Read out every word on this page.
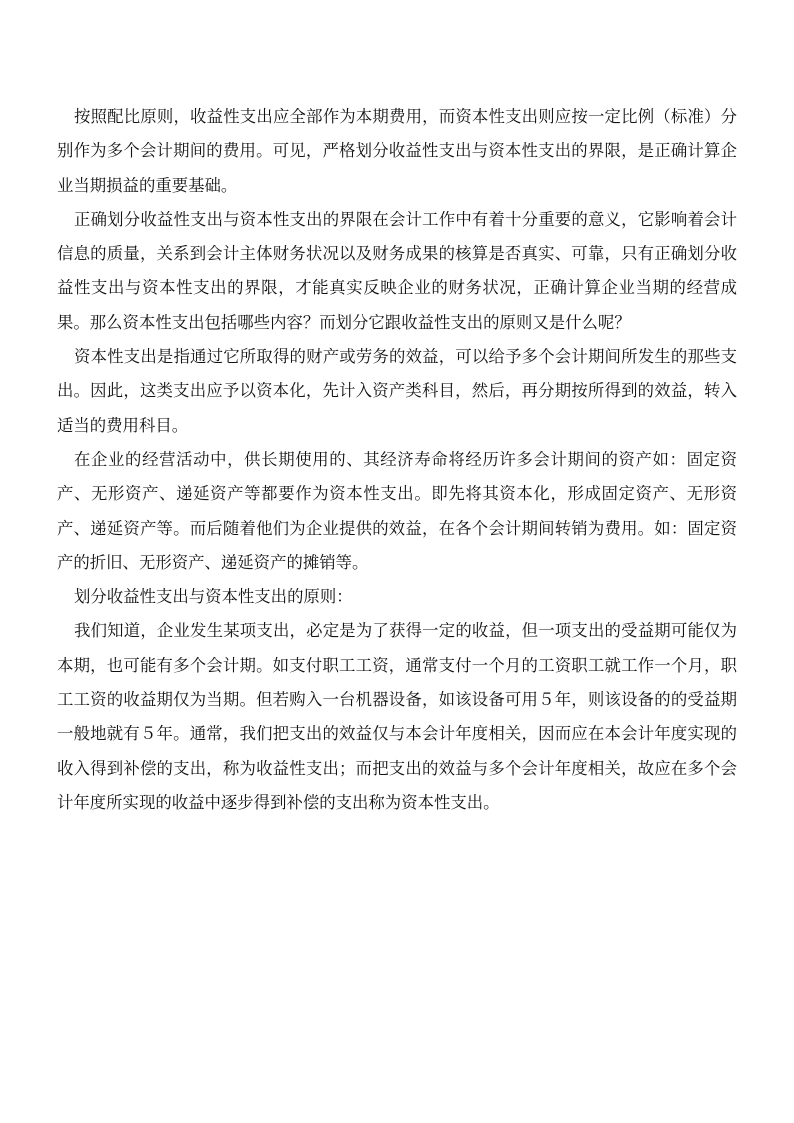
按照配比原则，收益性支出应全部作为本期费用，而资本性支出则应按一定比例（标准）分别作为多个会计期间的费用。可见，严格划分收益性支出与资本性支出的界限，是正确计算企业当期损益的重要基础。

正确划分收益性支出与资本性支出的界限在会计工作中有着十分重要的意义，它影响着会计信息的质量，关系到会计主体财务状况以及财务成果的核算是否真实、可靠，只有正确划分收益性支出与资本性支出的界限，才能真实反映企业的财务状况，正确计算企业当期的经营成果。那么资本性支出包括哪些内容？而划分它跟收益性支出的原则又是什么呢？

资本性支出是指通过它所取得的财产或劳务的效益，可以给予多个会计期间所发生的那些支出。因此，这类支出应予以资本化，先计入资产类科目，然后，再分期按所得到的效益，转入适当的费用科目。

在企业的经营活动中，供长期使用的、其经济寿命将经历许多会计期间的资产如：固定资产、无形资产、递延资产等都要作为资本性支出。即先将其资本化，形成固定资产、无形资产、递延资产等。而后随着他们为企业提供的效益，在各个会计期间转销为费用。如：固定资产的折旧、无形资产、递延资产的摊销等。

划分收益性支出与资本性支出的原则：

我们知道，企业发生某项支出，必定是为了获得一定的收益，但一项支出的受益期可能仅为本期，也可能有多个会计期。如支付职工工资，通常支付一个月的工资职工就工作一个月，职工工资的收益期仅为当期。但若购入一台机器设备，如该设备可用５年，则该设备的的受益期一般地就有５年。通常，我们把支出的效益仅与本会计年度相关，因而应在本会计年度实现的收入得到补偿的支出，称为收益性支出；而把支出的效益与多个会计年度相关，故应在多个会计年度所实现的收益中逐步得到补偿的支出称为资本性支出。
